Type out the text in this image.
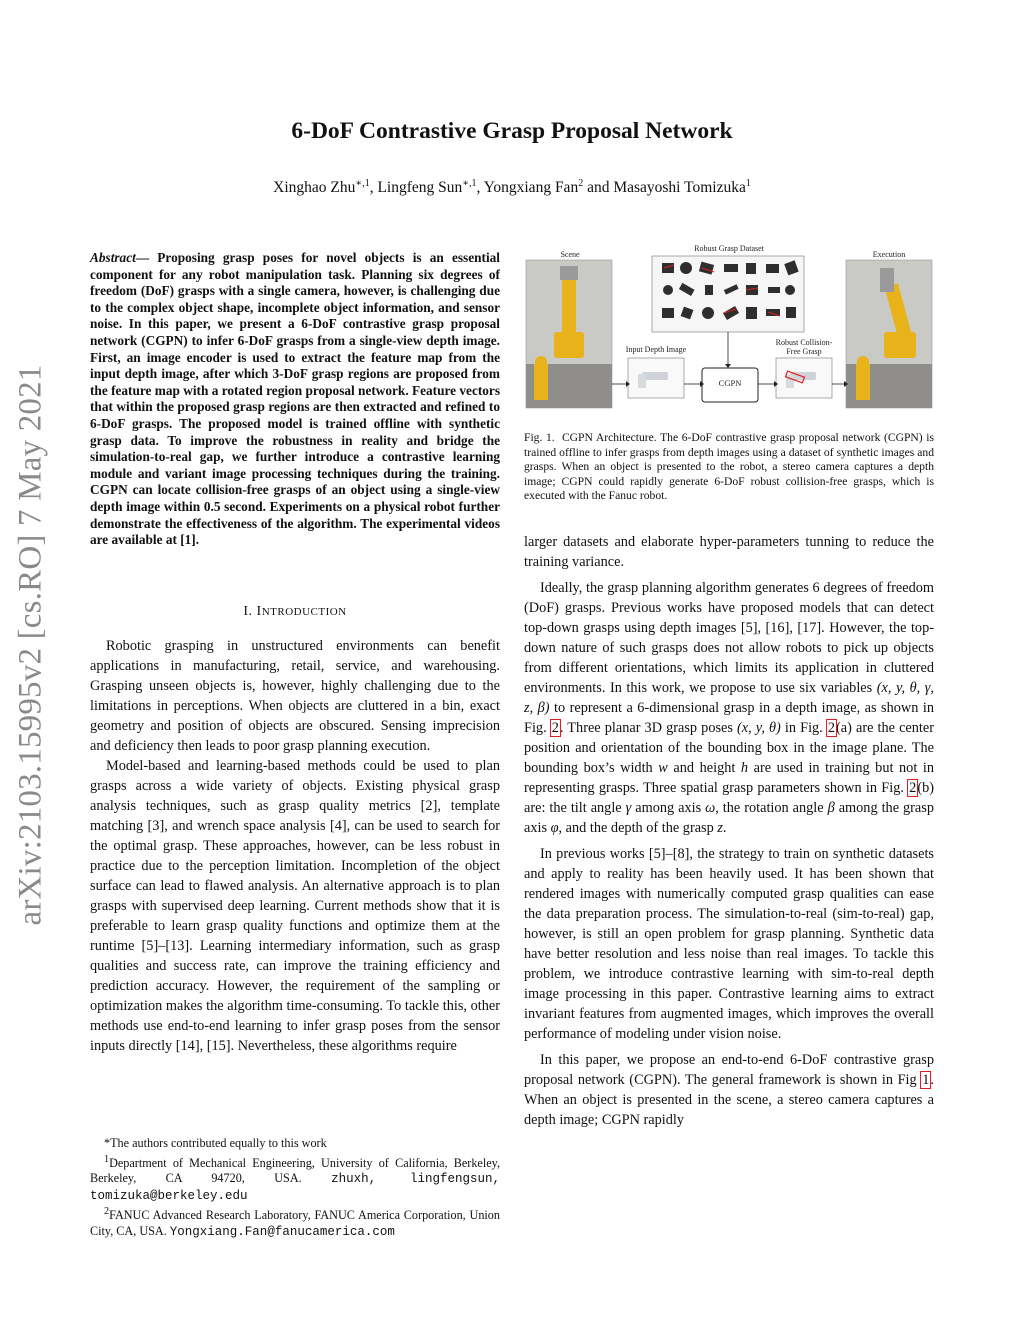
arXiv:2103.15995v2 [cs.RO] 7 May 2021
6-DoF Contrastive Grasp Proposal Network
Xinghao Zhu$^{∗,1}$, Lingfeng Sun$^{∗,1}$, Yongxiang Fan$^2$ and Masayoshi Tomizuka$^1$
Abstract— Proposing grasp poses for novel objects is an essential component for any robot manipulation task. Planning six degrees of freedom (DoF) grasps with a single camera, however, is challenging due to the complex object shape, incomplete object information, and sensor noise. In this paper, we present a 6-DoF contrastive grasp proposal network (CGPN) to infer 6-DoF grasps from a single-view depth image. First, an image encoder is used to extract the feature map from the input depth image, after which 3-DoF grasp regions are proposed from the feature map with a rotated region proposal network. Feature vectors that within the proposed grasp regions are then extracted and refined to 6-DoF grasps. The proposed model is trained offline with synthetic grasp data. To improve the robustness in reality and bridge the simulation-to-real gap, we further introduce a contrastive learning module and variant image processing techniques during the training. CGPN can locate collision-free grasps of an object using a single-view depth image within 0.5 second. Experiments on a physical robot further demonstrate the effectiveness of the algorithm. The experimental videos are available at [1].
I. INTRODUCTION

Robotic grasping in unstructured environments can benefit applications in manufacturing, retail, service, and warehousing. Grasping unseen objects is, however, highly challenging due to the limitations in perceptions. When objects are cluttered in a bin, exact geometry and position of objects are obscured. Sensing imprecision and deficiency then leads to poor grasp planning execution.

Model-based and learning-based methods could be used to plan grasps across a wide variety of objects. Existing physical grasp analysis techniques, such as grasp quality metrics [2], template matching [3], and wrench space analysis [4], can be used to search for the optimal grasp. These approaches, however, can be less robust in practice due to the perception limitation. Incompletion of the object surface can lead to flawed analysis. An alternative approach is to plan grasps with supervised deep learning. Current methods show that it is preferable to learn grasp quality functions and optimize them at the runtime [5]–[13]. Learning intermediary information, such as grasp qualities and success rate, can improve the training efficiency and prediction accuracy. However, the requirement of the sampling or optimization makes the algorithm time-consuming. To tackle this, other methods use end-to-end learning to infer grasp poses from the sensor inputs directly [14], [15]. Nevertheless, these algorithms require

*The authors contributed equally to this work

$^1$Department of Mechanical Engineering, University of California, Berkeley, Berkeley, CA 94720, USA. zhuxh, lingfengsun, tomizuka@berkeley.edu

$^2$FANUC Advanced Research Laboratory, FANUC America Corporation, Union City, CA, USA. Yongxiang.Fan@fanucamerica.com

Scene
Robust Grasp Dataset
Execution
Input Depth Image
CGPN
Robust Collision-
Free Grasp
Fig. 1. CGPN Architecture. The 6-DoF contrastive grasp proposal network (CGPN) is trained offline to infer grasps from depth images using a dataset of synthetic images and grasps. When an object is presented to the robot, a stereo camera captures a depth image; CGPN could rapidly generate 6-DoF robust collision-free grasps, which is executed with the Fanuc robot.

larger datasets and elaborate hyper-parameters tunning to reduce the training variance.

Ideally, the grasp planning algorithm generates 6 degrees of freedom (DoF) grasps. Previous works have proposed models that can detect top-down grasps using depth images [5], [16], [17]. However, the top-down nature of such grasps does not allow robots to pick up objects from different orientations, which limits its application in cluttered environments. In this work, we propose to use six variables (x, y, θ, γ, z, β) to represent a 6-dimensional grasp in a depth image, as shown in Fig. 2. Three planar 3D grasp poses (x, y, θ) in Fig. 2(a) are the center position and orientation of the bounding box in the image plane. The bounding box’s width w and height h are used in training but not in representing grasps. Three spatial grasp parameters shown in Fig. 2(b) are: the tilt angle γ among axis ω, the rotation angle β among the grasp axis φ, and the depth of the grasp z.

In previous works [5]–[8], the strategy to train on synthetic datasets and apply to reality has been heavily used. It has been shown that rendered images with numerically computed grasp qualities can ease the data preparation process. The simulation-to-real (sim-to-real) gap, however, is still an open problem for grasp planning. Synthetic data have better resolution and less noise than real images. To tackle this problem, we introduce contrastive learning with sim-to-real depth image processing in this paper. Contrastive learning aims to extract invariant features from augmented images, which improves the overall performance of modeling under vision noise.

In this paper, we propose an end-to-end 6-DoF contrastive grasp proposal network (CGPN). The general framework is shown in Fig 1. When an object is presented in the scene, a stereo camera captures a depth image; CGPN rapidly
